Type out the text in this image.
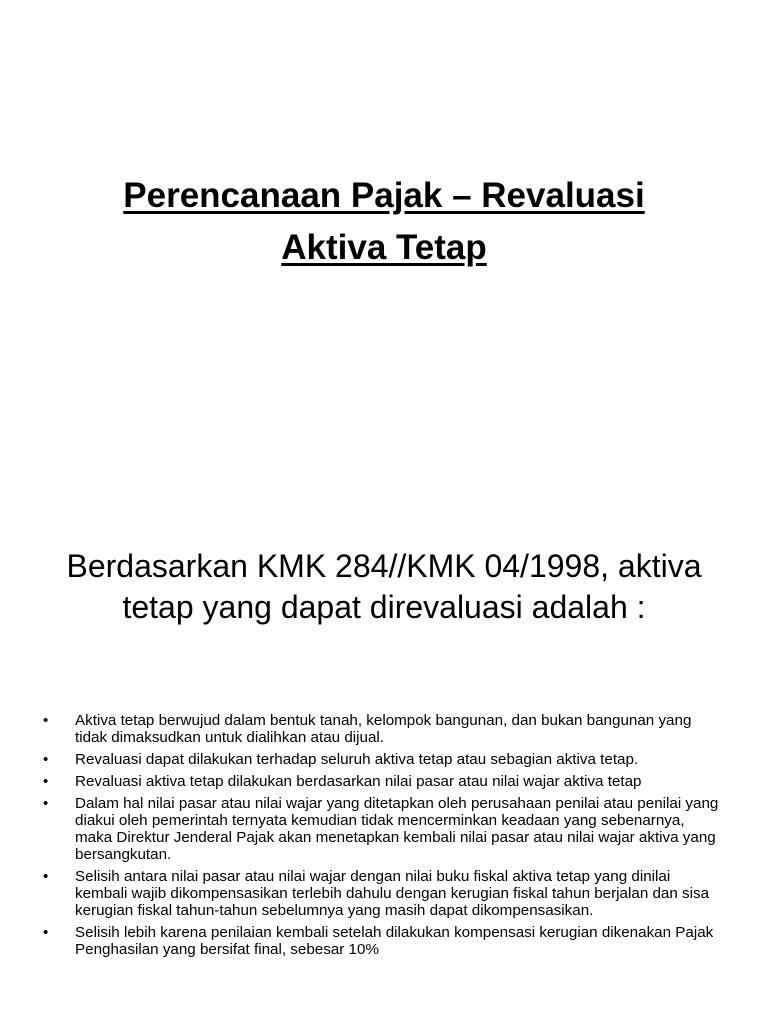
Perencanaan Pajak – Revaluasi
Aktiva Tetap

Berdasarkan KMK 284//KMK 04/1998, aktiva tetap yang dapat direvaluasi adalah :

• Aktiva tetap berwujud dalam bentuk tanah, kelompok bangunan, dan bukan bangunan yang tidak dimaksudkan untuk dialihkan atau dijual.
• Revaluasi dapat dilakukan terhadap seluruh aktiva tetap atau sebagian aktiva tetap.
• Revaluasi aktiva tetap dilakukan berdasarkan nilai pasar atau nilai wajar aktiva tetap
• Dalam hal nilai pasar atau nilai wajar yang ditetapkan oleh perusahaan penilai atau penilai yang diakui oleh pemerintah ternyata kemudian tidak mencerminkan keadaan yang sebenarnya, maka Direktur Jenderal Pajak akan menetapkan kembali nilai pasar atau nilai wajar aktiva yang bersangkutan.
• Selisih antara nilai pasar atau nilai wajar dengan nilai buku fiskal aktiva tetap yang dinilai kembali wajib dikompensasikan terlebih dahulu dengan kerugian fiskal tahun berjalan dan sisa kerugian fiskal tahun-tahun sebelumnya yang masih dapat dikompensasikan.
• Selisih lebih karena penilaian kembali setelah dilakukan kompensasi kerugian dikenakan Pajak Penghasilan yang bersifat final, sebesar 10%
